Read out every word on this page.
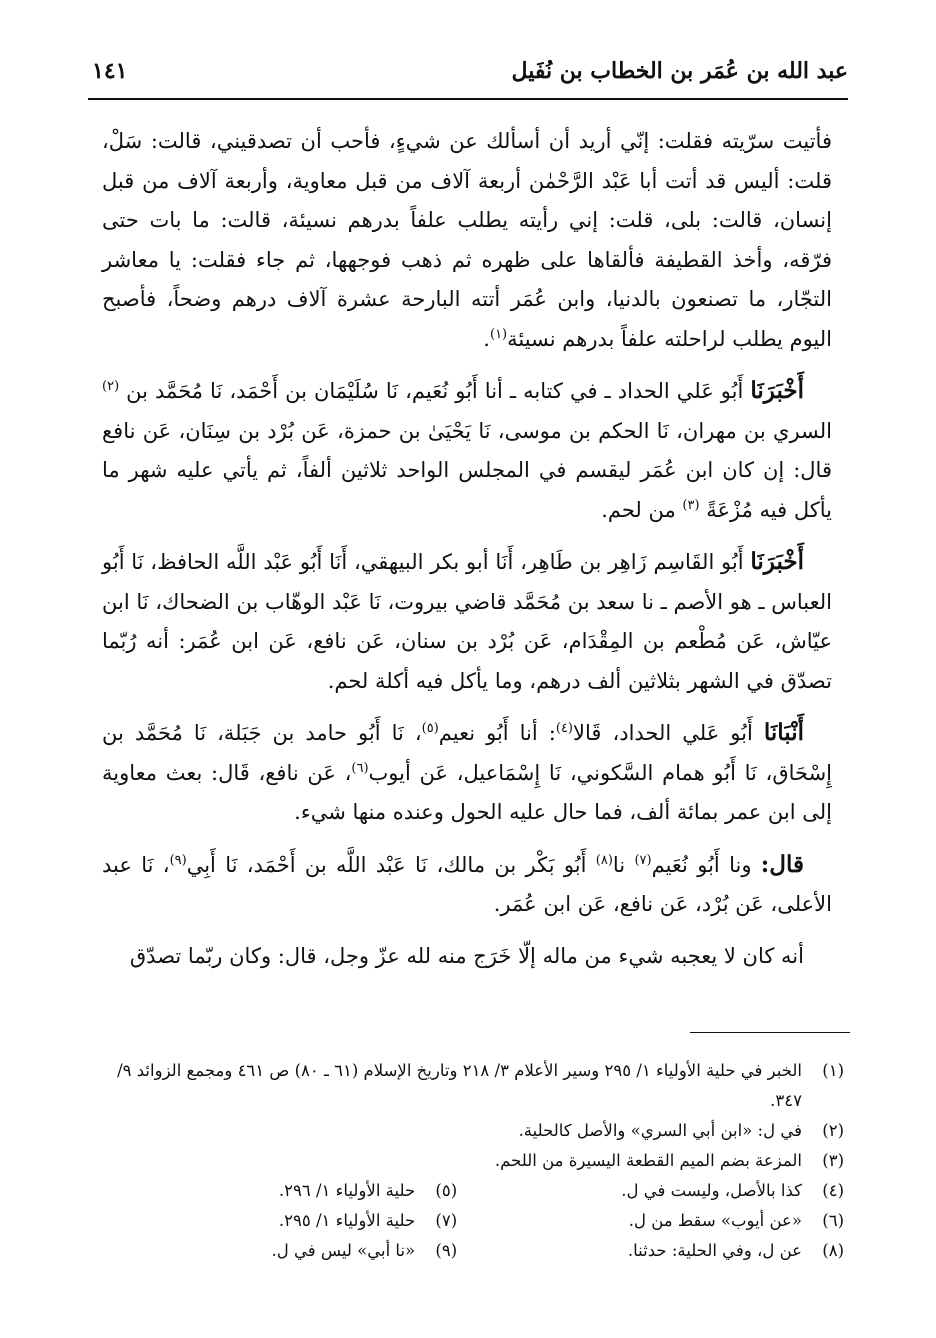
عبد الله بن عُمَر بن الخطاب بن نُفَيل
١٤١

فأتيت سرّيته فقلت: إنّي أريد أن أسألك عن شيءٍ، فأحب أن تصدقيني، قالت: سَلْ، قلت: أليس قد أتت أبا عَبْد الرَّحْمٰن أربعة آلاف من قبل معاوية، وأربعة آلاف من قبل إنسان، قالت: بلى، قلت: إني رأيته يطلب علفاً بدرهم نسيئة، قالت: ما بات حتى فرّقه، وأخذ القطيفة فألقاها على ظهره ثم ذهب فوجهها، ثم جاء فقلت: يا معاشر التجّار، ما تصنعون بالدنيا، وابن عُمَر أتته البارحة عشرة آلاف درهم وضحاً، فأصبح اليوم يطلب لراحلته علفاً بدرهم نسيئة$^{(١)}$.

أَخْبَرَنَا أَبُو عَلي الحداد ـ في كتابه ـ أنا أَبُو نُعَيم، نَا سُلَيْمَان بن أَحْمَد، نَا مُحَمَّد بن $^{(٢)}$ السري بن مهران، نَا الحكم بن موسى، نَا يَحْيَىٰ بن حمزة، عَن بُرْد بن سِنَان، عَن نافع قال: إن كان ابن عُمَر ليقسم في المجلس الواحد ثلاثين ألفاً، ثم يأتي عليه شهر ما يأكل فيه مُزْعَةً $^{(٣)}$ من لحم.

أَخْبَرَنَا أَبُو القَاسِم زَاهِر بن طَاهِر، أَنَا أبو بكر البيهقي، أَنَا أَبُو عَبْد اللَّه الحافظ، نَا أَبُو العباس ـ هو الأصم ـ نا سعد بن مُحَمَّد قاضي بيروت، نَا عَبْد الوهّاب بن الضحاك، نَا ابن عيّاش، عَن مُطْعم بن المِقْدَام، عَن بُرْد بن سنان، عَن نافع، عَن ابن عُمَر: أنه رُبّما تصدّق في الشهر بثلاثين ألف درهم، وما يأكل فيه أكلة لحم.

أَنْبَانَا أَبُو عَلي الحداد، قَالا$^{(٤)}$: أنا أَبُو نعيم$^{(٥)}$، نَا أَبُو حامد بن جَبَلة، نَا مُحَمَّد بن إِسْحَاق، نَا أَبُو همام السَّكوني، نَا إِسْمَاعيل، عَن أيوب$^{(٦)}$، عَن نافع، قَال: بعث معاوية إلى ابن عمر بمائة ألف، فما حال عليه الحول وعنده منها شيء.

قال: ونا أَبُو نُعَيم$^{(٧)}$ نا$^{(٨)}$ أَبُو بَكْر بن مالك، نَا عَبْد اللَّه بن أَحْمَد، نَا أَبِي$^{(٩)}$، نَا عبد الأعلى، عَن بُرْد، عَن نافع، عَن ابن عُمَر.

أنه كان لا يعجبه شيء من ماله إلّا خَرَج منه لله عزّ وجل، قال: وكان ربّما تصدّق

(١)
الخبر في حلية الأولياء ١/ ٢٩٥ وسير الأعلام ٣/ ٢١٨ وتاريخ الإسلام (٦١ ـ ٨٠) ص ٤٦١ ومجمع الزوائد ٩/ ٣٤٧.
(٢)
في ل: «ابن أبي السري» والأصل كالحلية.
(٣)
المزعة بضم الميم القطعة اليسيرة من اللحم.
(٤)
كذا بالأصل، وليست في ل.
(٥)
حلية الأولياء ١/ ٢٩٦.
(٦)
«عن أيوب» سقط من ل.
(٧)
حلية الأولياء ١/ ٢٩٥.
(٨)
عن ل، وفي الحلية: حدثنا.
(٩)
«نا أبي» ليس في ل.
